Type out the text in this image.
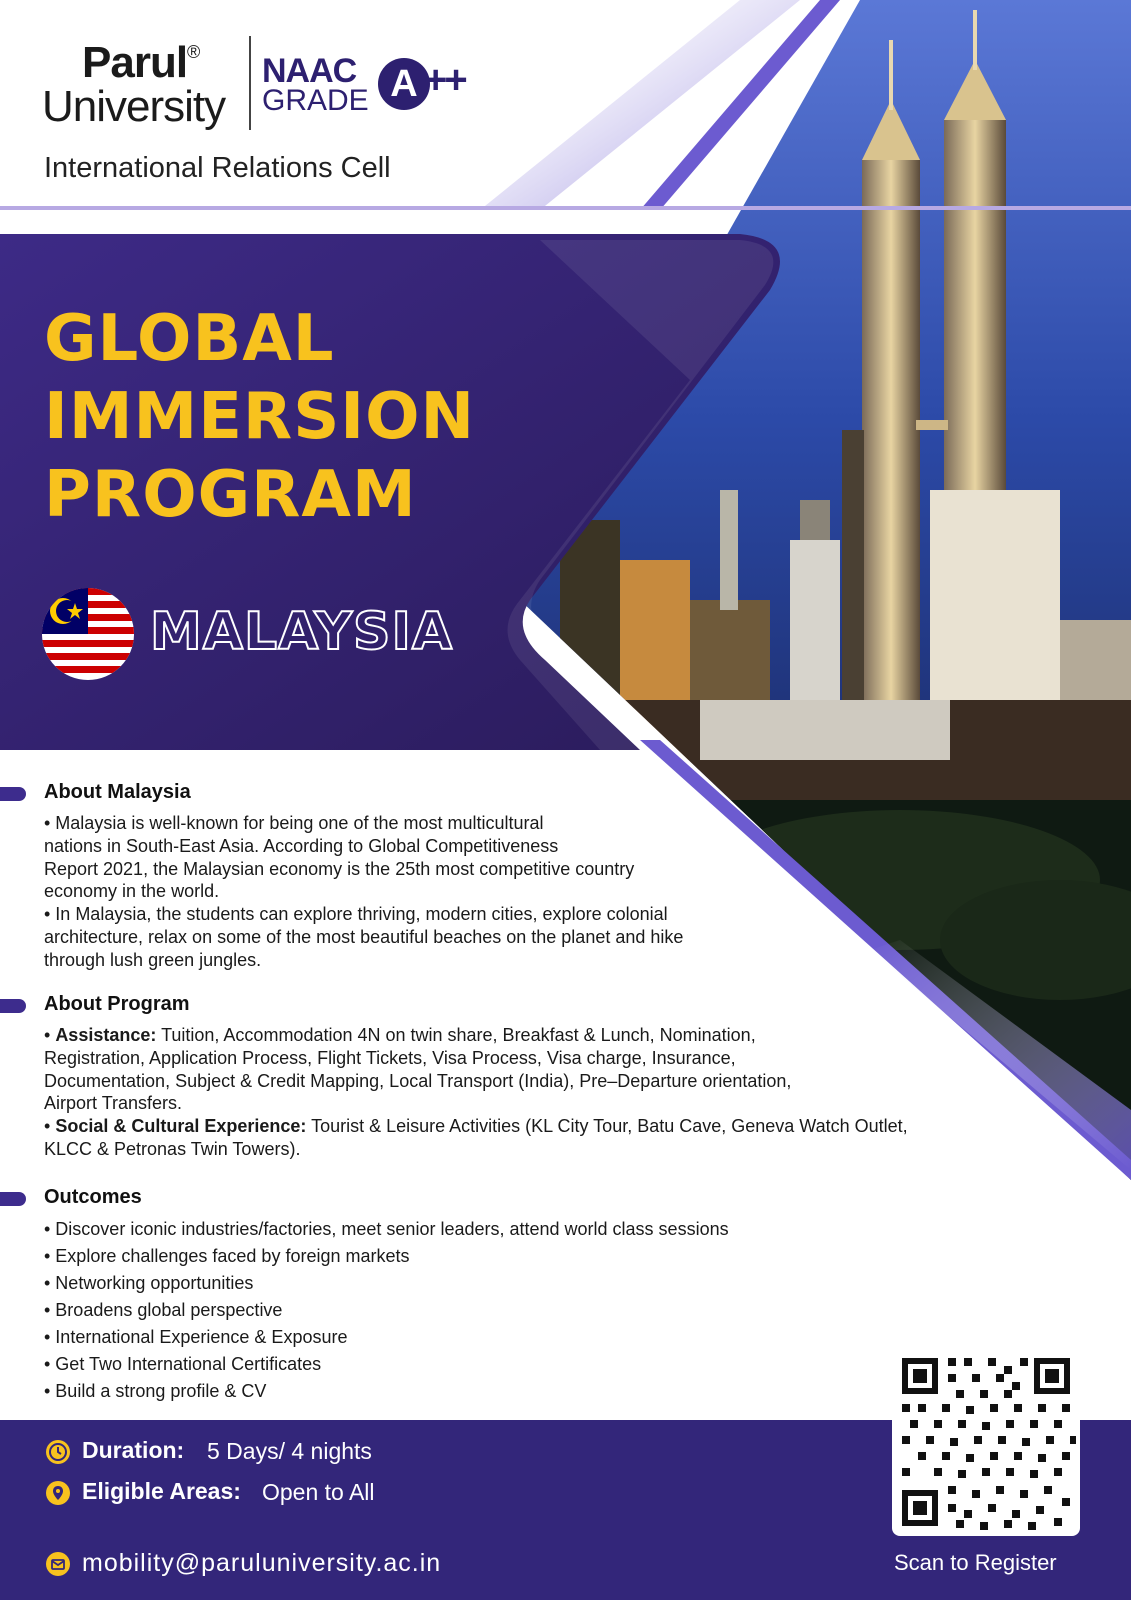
Parul®
University
NAAC
GRADE A ++
International Relations Cell
GLOBAL
IMMERSION
PROGRAM
MALAYSIA
About Malaysia
• Malaysia is well-known for being one of the most multicultural
nations in South-East Asia. According to Global Competitiveness
Report 2021, the Malaysian economy is the 25th most competitive country
economy in the world.
• In Malaysia, the students can explore thriving, modern cities, explore colonial
architecture, relax on some of the most beautiful beaches on the planet and hike
through lush green jungles.
About Program
• Assistance: Tuition, Accommodation 4N on twin share, Breakfast & Lunch, Nomination,
Registration, Application Process, Flight Tickets, Visa Process, Visa charge, Insurance,
Documentation, Subject & Credit Mapping, Local Transport (India), Pre–Departure orientation,
Airport Transfers.
• Social & Cultural Experience: Tourist & Leisure Activities (KL City Tour, Batu Cave, Geneva Watch Outlet,
KLCC & Petronas Twin Towers).
Outcomes
• Discover iconic industries/factories, meet senior leaders, attend world class sessions
• Explore challenges faced by foreign markets
• Networking opportunities
• Broadens global perspective
• International Experience & Exposure
• Get Two International Certificates
• Build a strong profile & CV
Duration: 5 Days/ 4 nights
Eligible Areas: Open to All
mobility@paruluniversity.ac.in	Scan to Register
